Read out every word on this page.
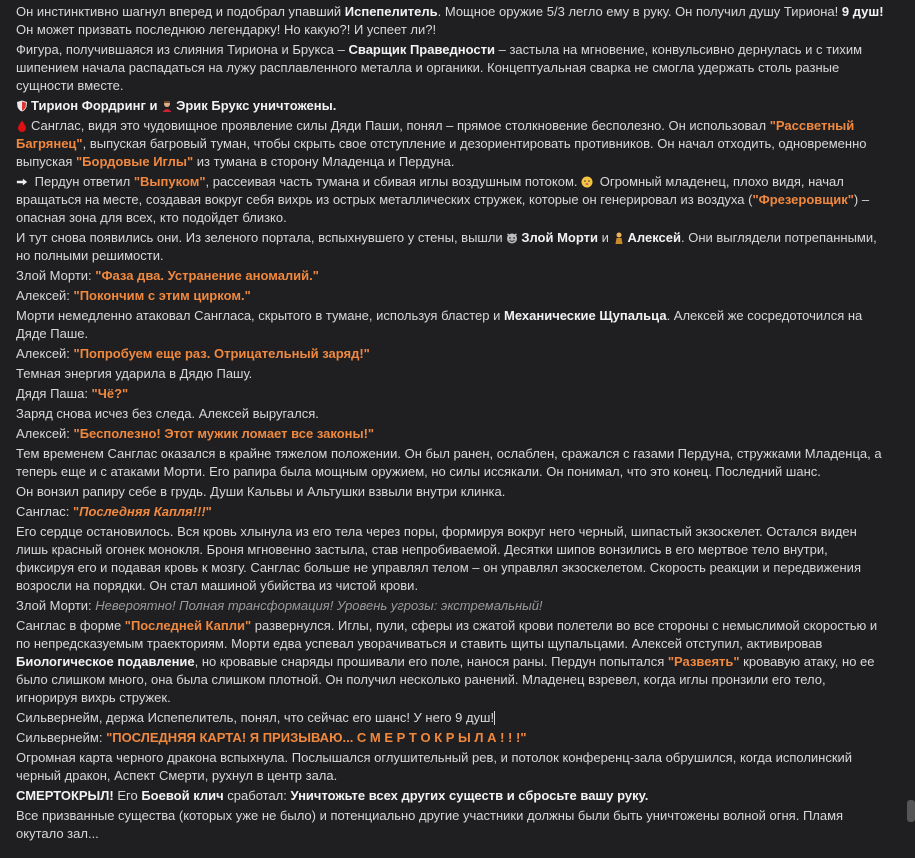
Он инстинктивно шагнул вперед и подобрал упавший Испепелитель. Мощное оружие 5/3 легло ему в руку. Он получил душу Тириона! 9 душ! Он может призвать последнюю легендарку! Но какую?! И успеет ли?!

Фигура, получившаяся из слияния Тириона и Брукса – Сварщик Праведности – застыла на мгновение, конвульсивно дернулась и с тихим шипением начала распадаться на лужу расплавленного металла и органики. Концептуальная сварка не смогла удержать столь разные сущности вместе.

Тирион Фордринг и Эрик Брукс уничтожены.

Санглас, видя это чудовищное проявление силы Дяди Паши, понял – прямое столкновение бесполезно. Он использовал "Рассветный Багрянец", выпуская багровый туман, чтобы скрыть свое отступление и дезориентировать противников. Он начал отходить, одновременно выпуская "Бордовые Иглы" из тумана в сторону Младенца и Пердуна.

Пердун ответил "Выпуком", рассеивая часть тумана и сбивая иглы воздушным потоком.  Огромный младенец, плохо видя, начал вращаться на месте, создавая вокруг себя вихрь из острых металлических стружек, которые он генерировал из воздуха ("Фрезеровщик") – опасная зона для всех, кто подойдет близко.

И тут снова появились они. Из зеленого портала, вспыхнувшего у стены, вышли Злой Морти и Алексей. Они выглядели потрепанными, но полными решимости.

Злой Морти: "Фаза два. Устранение аномалий."

Алексей: "Покончим с этим цирком."

Морти немедленно атаковал Сангласа, скрытого в тумане, используя бластер и Механические Щупальца. Алексей же сосредоточился на Дяде Паше.

Алексей: "Попробуем еще раз. Отрицательный заряд!"

Темная энергия ударила в Дядю Пашу.

Дядя Паша: "Чё?"

Заряд снова исчез без следа. Алексей выругался.

Алексей: "Бесполезно! Этот мужик ломает все законы!"

Тем временем Санглас оказался в крайне тяжелом положении. Он был ранен, ослаблен, сражался с газами Пердуна, стружками Младенца, а теперь еще и с атаками Морти. Его рапира была мощным оружием, но силы иссякали. Он понимал, что это конец. Последний шанс.

Он вонзил рапиру себе в грудь. Души Кальвы и Альтушки взвыли внутри клинка.

Санглас: "Последняя Капля!!!"

Его сердце остановилось. Вся кровь хлынула из его тела через поры, формируя вокруг него черный, шипастый экзоскелет. Остался виден лишь красный огонек монокля. Броня мгновенно застыла, став непробиваемой. Десятки шипов вонзились в его мертвое тело внутри, фиксируя его и подавая кровь к мозгу. Санглас больше не управлял телом – он управлял экзоскелетом. Скорость реакции и передвижения возросли на порядки. Он стал машиной убийства из чистой крови.

Злой Морти: Невероятно! Полная трансформация! Уровень угрозы: экстремальный!

Санглас в форме "Последней Капли" развернулся. Иглы, пули, сферы из сжатой крови полетели во все стороны с немыслимой скоростью и по непредсказуемым траекториям. Морти едва успевал уворачиваться и ставить щиты щупальцами. Алексей отступил, активировав Биологическое подавление, но кровавые снаряды прошивали его поле, нанося раны. Пердун попытался "Развеять" кровавую атаку, но ее было слишком много, она была слишком плотной. Он получил несколько ранений. Младенец взревел, когда иглы пронзили его тело, игнорируя вихрь стружек.

Сильвернейм, держа Испепелитель, понял, что сейчас его шанс! У него 9 душ!

Сильвернейм: "ПОСЛЕДНЯЯ КАРТА! Я ПРИЗЫВАЮ... С М Е Р Т О К Р Ы Л А ! ! !"

Огромная карта черного дракона вспыхнула. Послышался оглушительный рев, и потолок конференц-зала обрушился, когда исполинский черный дракон, Аспект Смерти, рухнул в центр зала.

СМЕРТОКРЫЛ! Его Боевой клич сработал: Уничтожьте всех других существ и сбросьте вашу руку.

Все призванные существа (которых уже не было) и потенциально другие участники должны были быть уничтожены волной огня. Пламя окутало зал...
